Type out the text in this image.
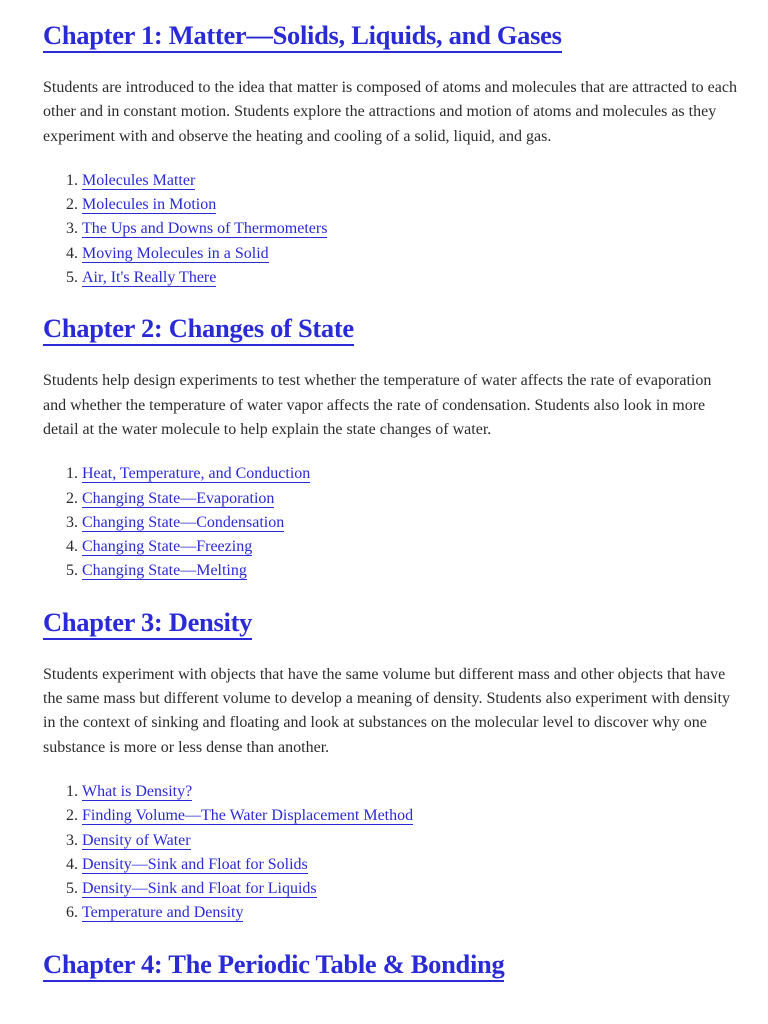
Chapter 1: Matter—Solids, Liquids, and Gases

Students are introduced to the idea that matter is composed of atoms and molecules that are attracted to each other and in constant motion. Students explore the attractions and motion of atoms and molecules as they experiment with and observe the heating and cooling of a solid, liquid, and gas.

1. Molecules Matter
2. Molecules in Motion
3. The Ups and Downs of Thermometers
4. Moving Molecules in a Solid
5. Air, It's Really There
Chapter 2: Changes of State

Students help design experiments to test whether the temperature of water affects the rate of evaporation and whether the temperature of water vapor affects the rate of condensation. Students also look in more detail at the water molecule to help explain the state changes of water.

1. Heat, Temperature, and Conduction
2. Changing State—Evaporation
3. Changing State—Condensation
4. Changing State—Freezing
5. Changing State—Melting
Chapter 3: Density

Students experiment with objects that have the same volume but different mass and other objects that have the same mass but different volume to develop a meaning of density. Students also experiment with density in the context of sinking and floating and look at substances on the molecular level to discover why one substance is more or less dense than another.

1. What is Density?
2. Finding Volume—The Water Displacement Method
3. Density of Water
4. Density—Sink and Float for Solids
5. Density—Sink and Float for Liquids
6. Temperature and Density
Chapter 4: The Periodic Table & Bonding
